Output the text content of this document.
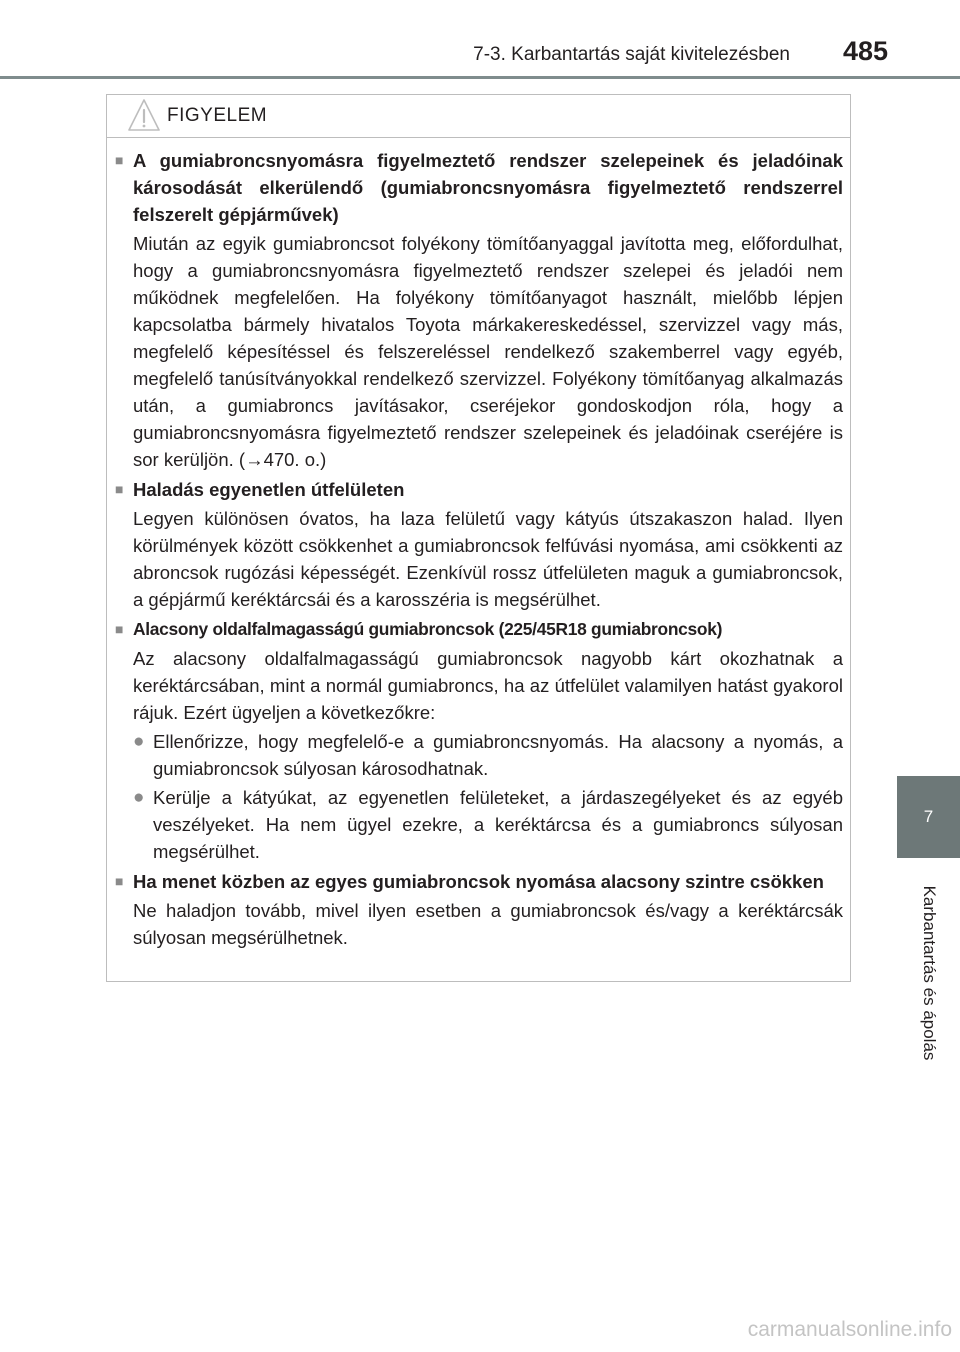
7-3. Karbantartás saját kivitelezésben	485
7
Karbantartás és ápolás
FIGYELEM
■ A gumiabroncsnyomásra figyelmeztető rendszer szelepeinek és jeladóinak károsodását elkerülendő (gumiabroncsnyomásra figyelmeztető rendszerrel felszerelt gépjárművek)
Miután az egyik gumiabroncsot folyékony tömítőanyaggal javította meg, előfordulhat, hogy a gumiabroncsnyomásra figyelmeztető rendszer szelepei és jeladói nem működnek megfelelően. Ha folyékony tömítőanyagot használt, mielőbb lépjen kapcsolatba bármely hivatalos Toyota márkakereskedéssel, szervizzel vagy más, megfelelő képesítéssel és felszereléssel rendelkező szakemberrel vagy egyéb, megfelelő tanúsítványokkal rendelkező szervizzel. Folyékony tömítőanyag alkalmazás után, a gumiabroncs javításakor, cseréjekor gondoskodjon róla, hogy a gumiabroncsnyomásra figyelmeztető rendszer szelepeinek és jeladóinak cseréjére is sor kerüljön. (→470. o.)
■ Haladás egyenetlen útfelületen
Legyen különösen óvatos, ha laza felületű vagy kátyús útszakaszon halad. Ilyen körülmények között csökkenhet a gumiabroncsok felfúvási nyomása, ami csökkenti az abroncsok rugózási képességét. Ezenkívül rossz útfelületen maguk a gumiabroncsok, a gépjármű keréktárcsái és a karosszéria is megsérülhet.
■ Alacsony oldalfalmagasságú gumiabroncsok (225/45R18 gumiabroncsok)
Az alacsony oldalfalmagasságú gumiabroncsok nagyobb kárt okozhatnak a keréktárcsában, mint a normál gumiabroncs, ha az útfelület valamilyen hatást gyakorol rájuk. Ezért ügyeljen a következőkre:
● Ellenőrizze, hogy megfelelő-e a gumiabroncsnyomás. Ha alacsony a nyomás, a gumiabroncsok súlyosan károsodhatnak.
● Kerülje a kátyúkat, az egyenetlen felületeket, a járdaszegélyeket és az egyéb veszélyeket. Ha nem ügyel ezekre, a keréktárcsa és a gumiabroncs súlyosan megsérülhet.
■ Ha menet közben az egyes gumiabroncsok nyomása alacsony szintre csökken
Ne haladjon tovább, mivel ilyen esetben a gumiabroncsok és/vagy a keréktárcsák súlyosan megsérülhetnek.
carmanualsonline.info
